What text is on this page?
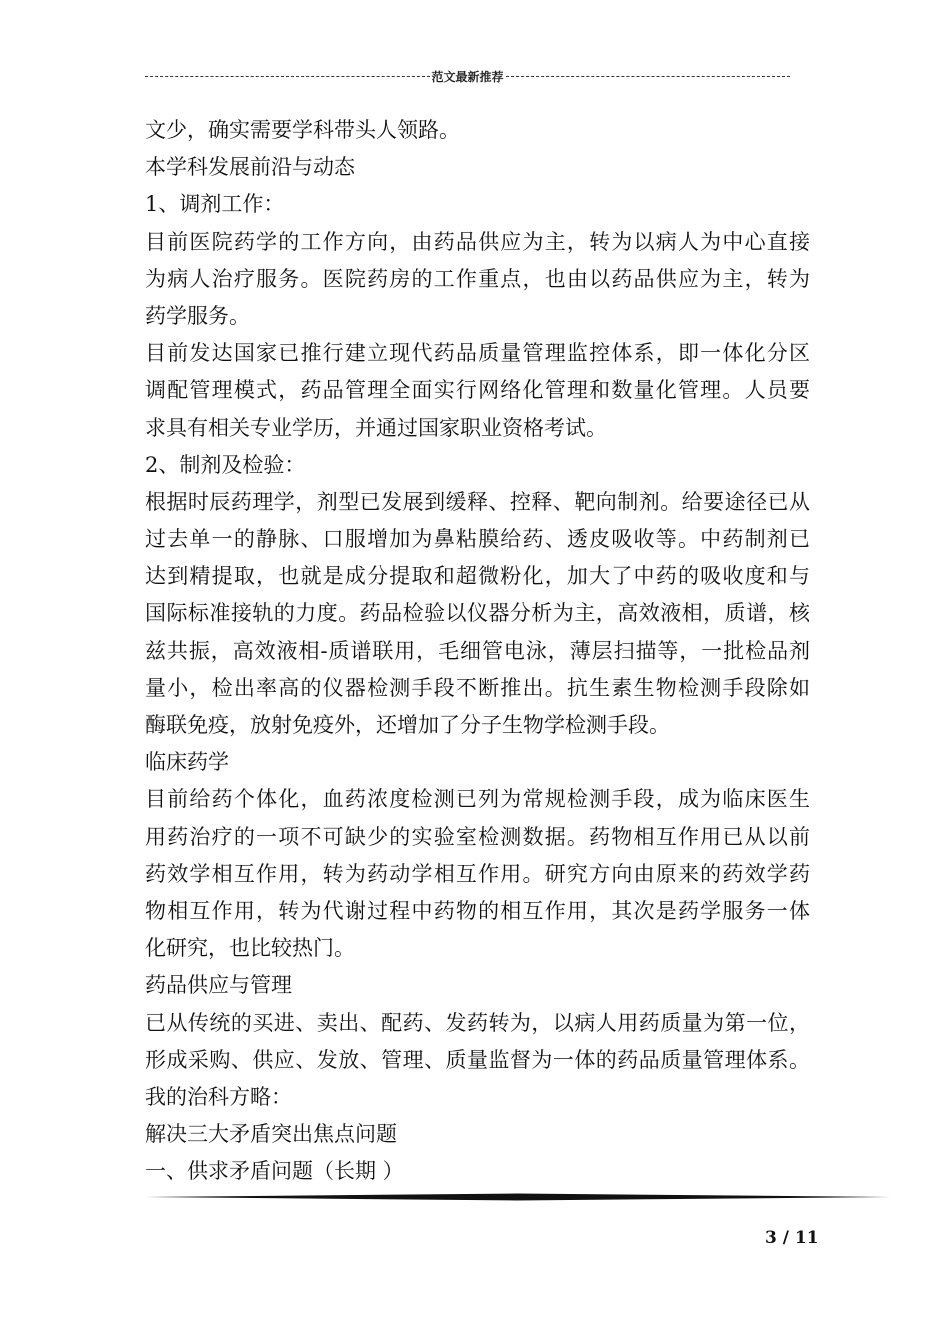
范文最新推荐
文少，确实需要学科带头人领路。
本学科发展前沿与动态
1、调剂工作：
目前医院药学的工作方向，由药品供应为主，转为以病人为中心直接
为病人治疗服务。医院药房的工作重点，也由以药品供应为主，转为
药学服务。
目前发达国家已推行建立现代药品质量管理监控体系，即一体化分区
调配管理模式，药品管理全面实行网络化管理和数量化管理。人员要
求具有相关专业学历，并通过国家职业资格考试。
2、制剂及检验：
根据时辰药理学，剂型已发展到缓释、控释、靶向制剂。给要途径已从
过去单一的静脉、口服增加为鼻粘膜给药、透皮吸收等。中药制剂已
达到精提取，也就是成分提取和超微粉化，加大了中药的吸收度和与
国际标准接轨的力度。药品检验以仪器分析为主，高效液相，质谱，核
兹共振，高效液相-质谱联用，毛细管电泳，薄层扫描等，一批检品剂
量小，检出率高的仪器检测手段不断推出。抗生素生物检测手段除如
酶联免疫，放射免疫外，还增加了分子生物学检测手段。
临床药学
目前给药个体化，血药浓度检测已列为常规检测手段，成为临床医生
用药治疗的一项不可缺少的实验室检测数据。药物相互作用已从以前
药效学相互作用，转为药动学相互作用。研究方向由原来的药效学药
物相互作用，转为代谢过程中药物的相互作用，其次是药学服务一体
化研究，也比较热门。
药品供应与管理
已从传统的买进、卖出、配药、发药转为，以病人用药质量为第一位，
形成采购、供应、发放、管理、质量监督为一体的药品质量管理体系。
我的治科方略：
解决三大矛盾突出焦点问题
一、供求矛盾问题（长期 ）
3 / 11
